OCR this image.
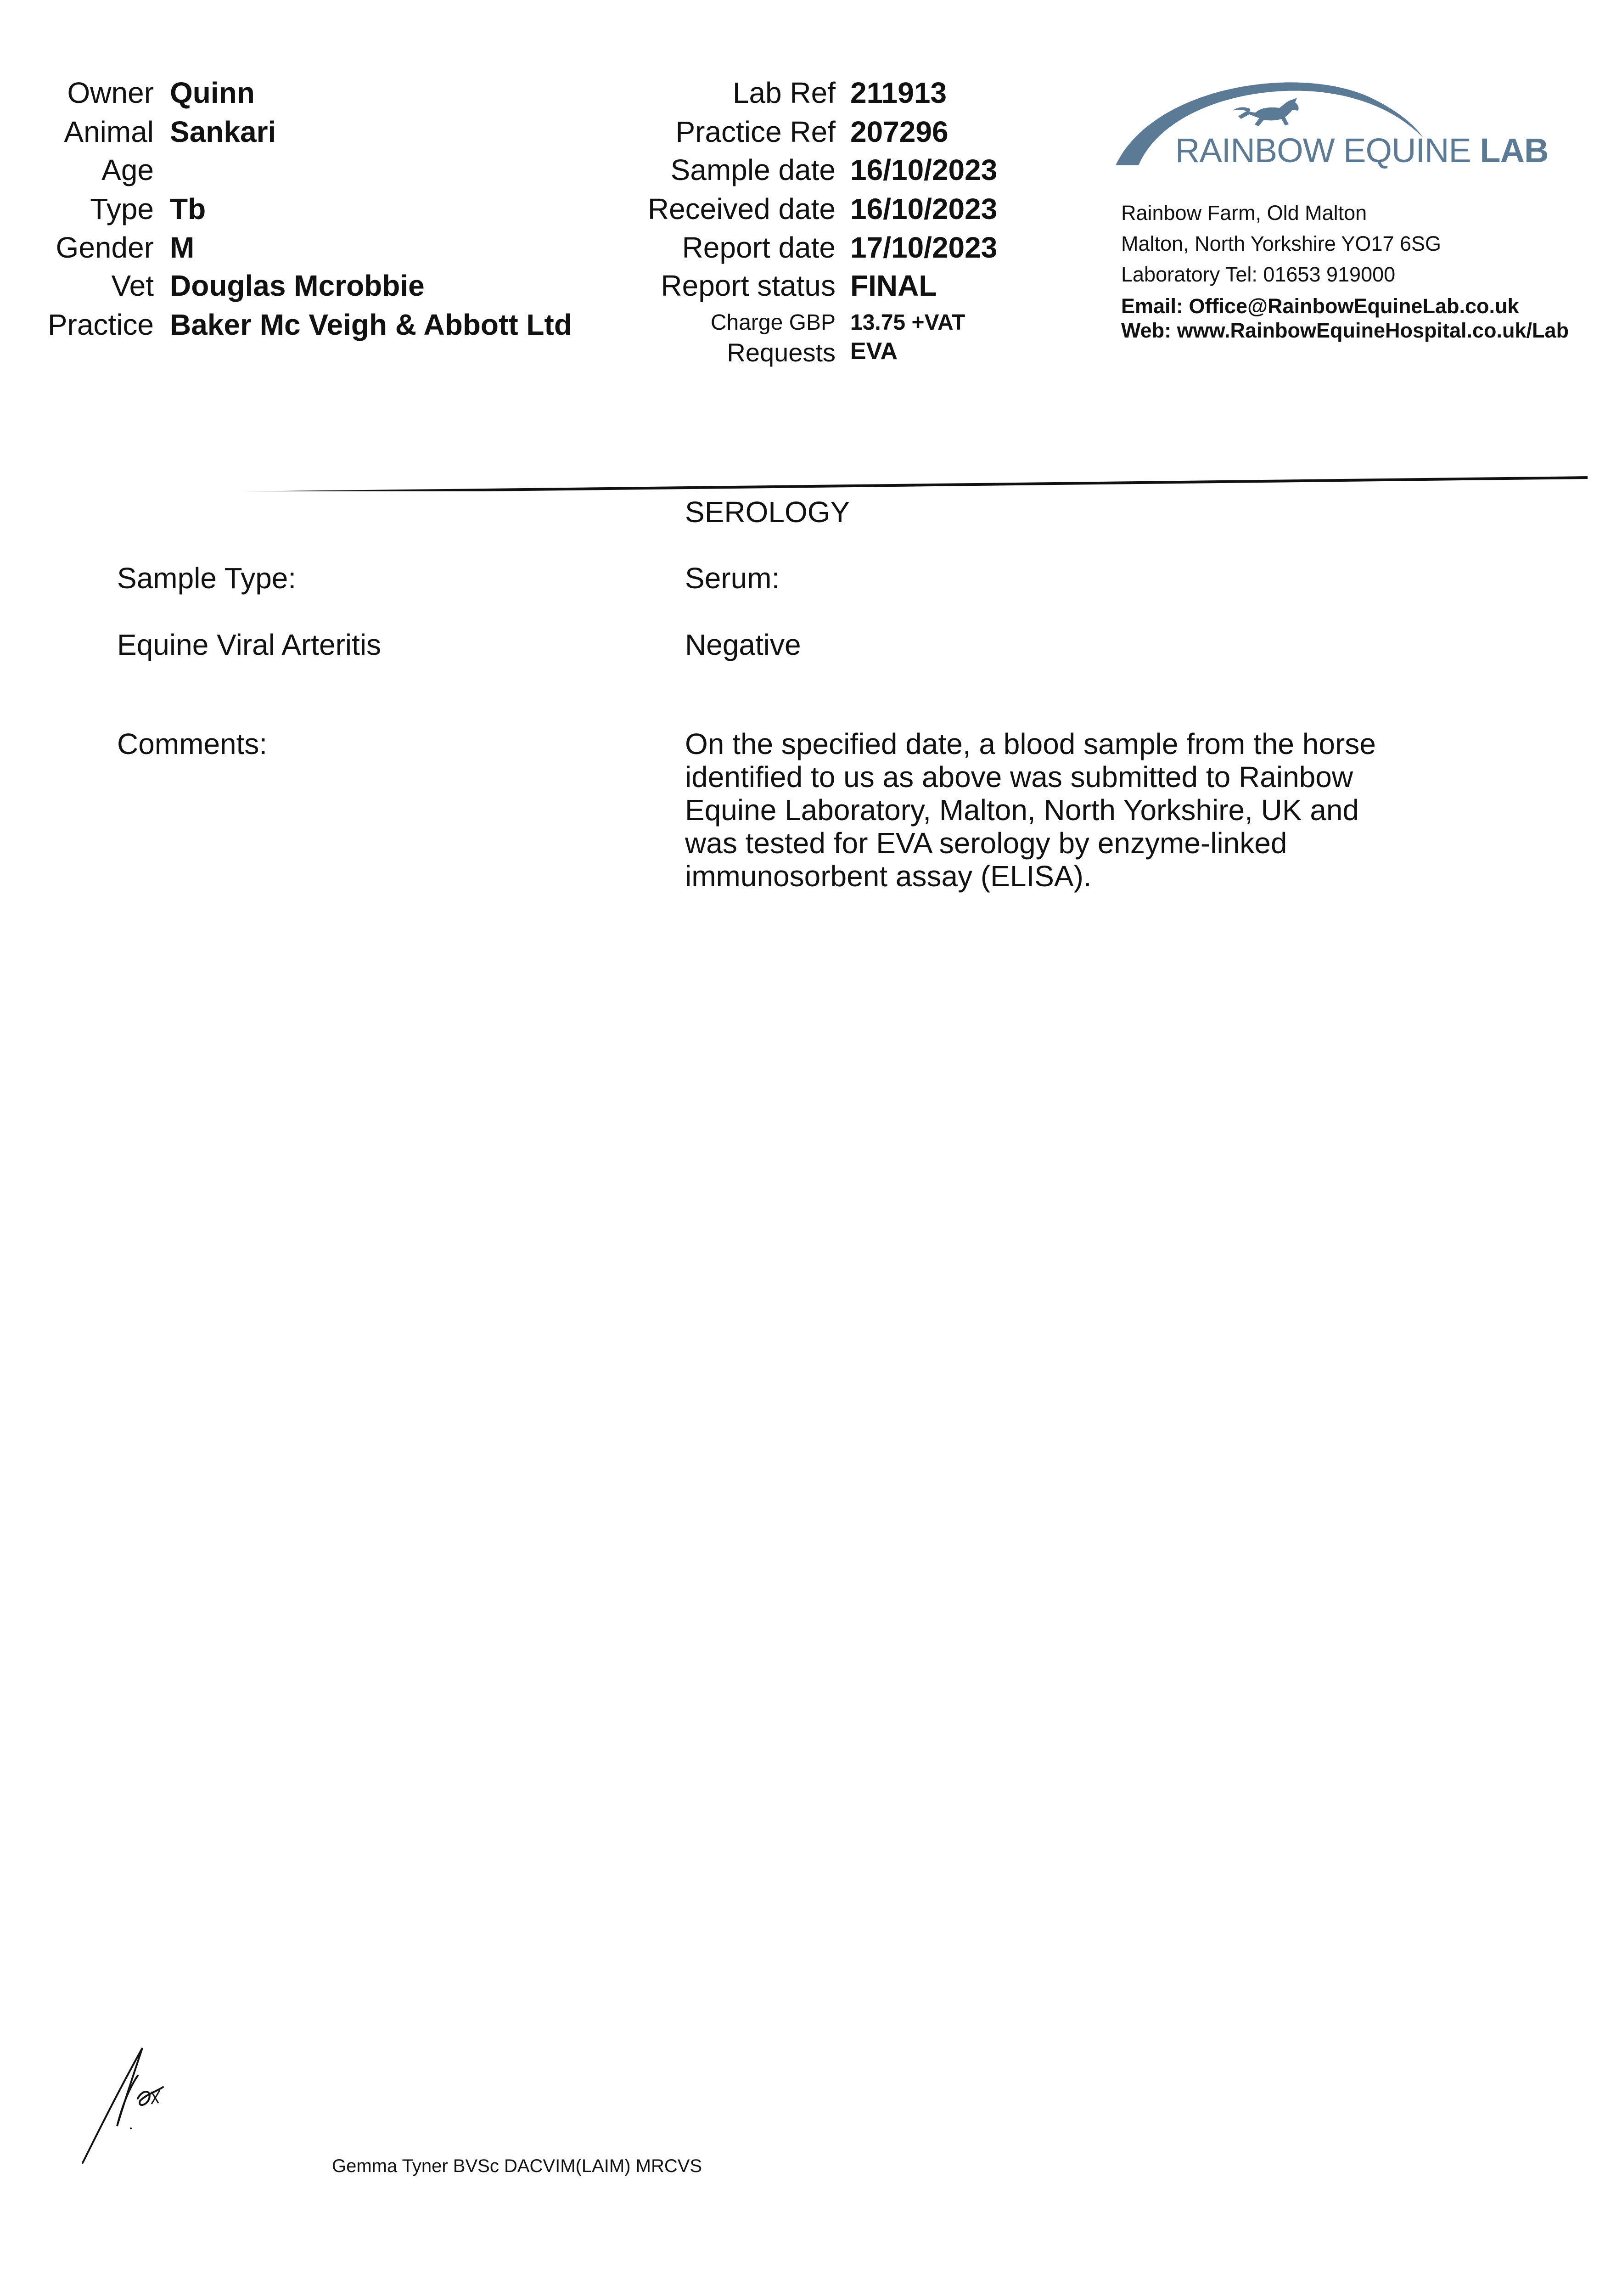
Owner Quinn
Animal Sankari
Age
Type Tb
Gender M
Vet Douglas Mcrobbie
Practice Baker Mc Veigh & Abbott Ltd
Lab Ref 211913
Practice Ref 207296
Sample date 16/10/2023
Received date 16/10/2023
Report date 17/10/2023
Report status FINAL
Charge GBP 13.75 +VAT
Requests EVA
RAINBOW EQUINE LAB
Rainbow Farm, Old Malton
Malton, North Yorkshire YO17 6SG
Laboratory Tel: 01653 919000
Email: Office@RainbowEquineLab.co.uk
Web: www.RainbowEquineHospital.co.uk/Lab
SEROLOGY
Sample Type:	Serum:
Equine Viral Arteritis	Negative
Comments:	On the specified date, a blood sample from the horse
identified to us as above was submitted to Rainbow
Equine Laboratory, Malton, North Yorkshire, UK and
was tested for EVA serology by enzyme-linked
immunosorbent assay (ELISA).
Gemma Tyner BVSc DACVIM(LAIM) MRCVS
